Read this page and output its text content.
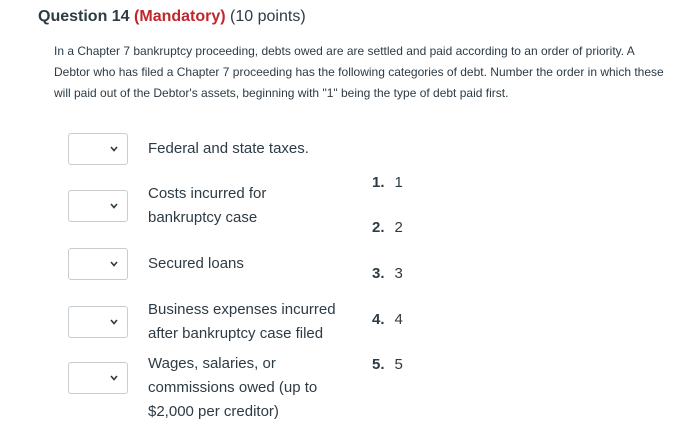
Question 14 (Mandatory) (10 points)
In a Chapter 7 bankruptcy proceeding, debts owed are are settled and paid according to an order of priority. A Debtor who has filed a Chapter 7 proceeding has the following categories of debt. Number the order in which these will paid out of the Debtor's assets, beginning with "1" being the type of debt paid first.
Federal and state taxes.
Costs incurred for bankruptcy case
Secured loans
Business expenses incurred after bankruptcy case filed
Wages, salaries, or commissions owed (up to $2,000 per creditor)
1. 1
2. 2
3. 3
4. 4
5. 5
